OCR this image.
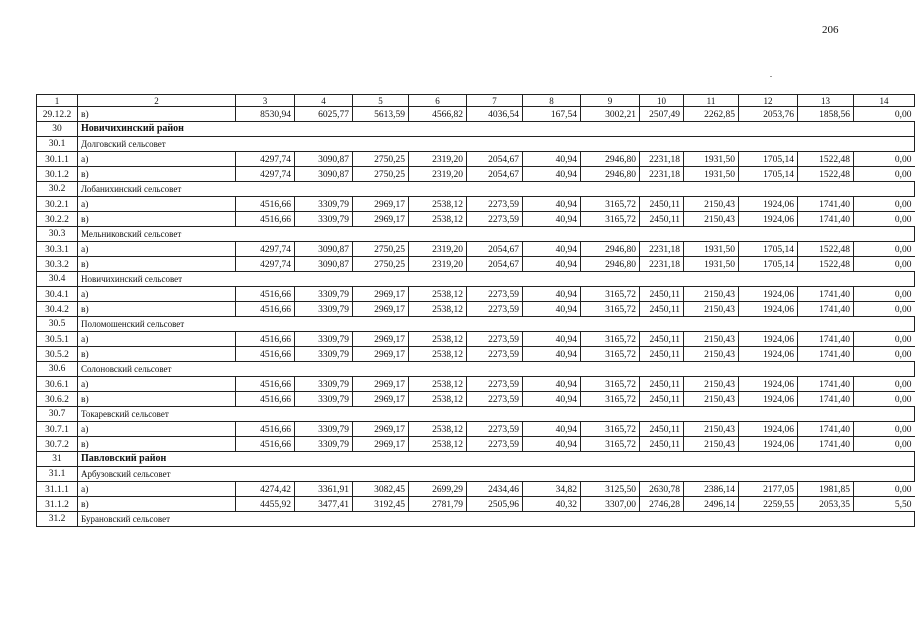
206
1	2	3	4	5	6	7	8	9	10	11	12	13	14
29.12.2	в)	8530,94	6025,77	5613,59	4566,82	4036,54	167,54	3002,21	2507,49	2262,85	2053,76	1858,56	0,00
30	Новичихинский район												
30.1	Долговский сельсовет												
30.1.1	а)	4297,74	3090,87	2750,25	2319,20	2054,67	40,94	2946,80	2231,18	1931,50	1705,14	1522,48	0,00
30.1.2	в)	4297,74	3090,87	2750,25	2319,20	2054,67	40,94	2946,80	2231,18	1931,50	1705,14	1522,48	0,00
30.2	Лобанихинский сельсовет												
30.2.1	а)	4516,66	3309,79	2969,17	2538,12	2273,59	40,94	3165,72	2450,11	2150,43	1924,06	1741,40	0,00
30.2.2	в)	4516,66	3309,79	2969,17	2538,12	2273,59	40,94	3165,72	2450,11	2150,43	1924,06	1741,40	0,00
30.3	Мельниковский сельсовет												
30.3.1	а)	4297,74	3090,87	2750,25	2319,20	2054,67	40,94	2946,80	2231,18	1931,50	1705,14	1522,48	0,00
30.3.2	в)	4297,74	3090,87	2750,25	2319,20	2054,67	40,94	2946,80	2231,18	1931,50	1705,14	1522,48	0,00
30.4	Новичихинский сельсовет												
30.4.1	а)	4516,66	3309,79	2969,17	2538,12	2273,59	40,94	3165,72	2450,11	2150,43	1924,06	1741,40	0,00
30.4.2	в)	4516,66	3309,79	2969,17	2538,12	2273,59	40,94	3165,72	2450,11	2150,43	1924,06	1741,40	0,00
30.5	Поломошенский сельсовет												
30.5.1	а)	4516,66	3309,79	2969,17	2538,12	2273,59	40,94	3165,72	2450,11	2150,43	1924,06	1741,40	0,00
30.5.2	в)	4516,66	3309,79	2969,17	2538,12	2273,59	40,94	3165,72	2450,11	2150,43	1924,06	1741,40	0,00
30.6	Солоновский сельсовет												
30.6.1	а)	4516,66	3309,79	2969,17	2538,12	2273,59	40,94	3165,72	2450,11	2150,43	1924,06	1741,40	0,00
30.6.2	в)	4516,66	3309,79	2969,17	2538,12	2273,59	40,94	3165,72	2450,11	2150,43	1924,06	1741,40	0,00
30.7	Токаревский сельсовет												
30.7.1	а)	4516,66	3309,79	2969,17	2538,12	2273,59	40,94	3165,72	2450,11	2150,43	1924,06	1741,40	0,00
30.7.2	в)	4516,66	3309,79	2969,17	2538,12	2273,59	40,94	3165,72	2450,11	2150,43	1924,06	1741,40	0,00
31	Павловский район												
31.1	Арбузовский сельсовет												
31.1.1	а)	4274,42	3361,91	3082,45	2699,29	2434,46	34,82	3125,50	2630,78	2386,14	2177,05	1981,85	0,00
31.1.2	в)	4455,92	3477,41	3192,45	2781,79	2505,96	40,32	3307,00	2746,28	2496,14	2259,55	2053,35	5,50
31.2	Бурановский сельсовет												
